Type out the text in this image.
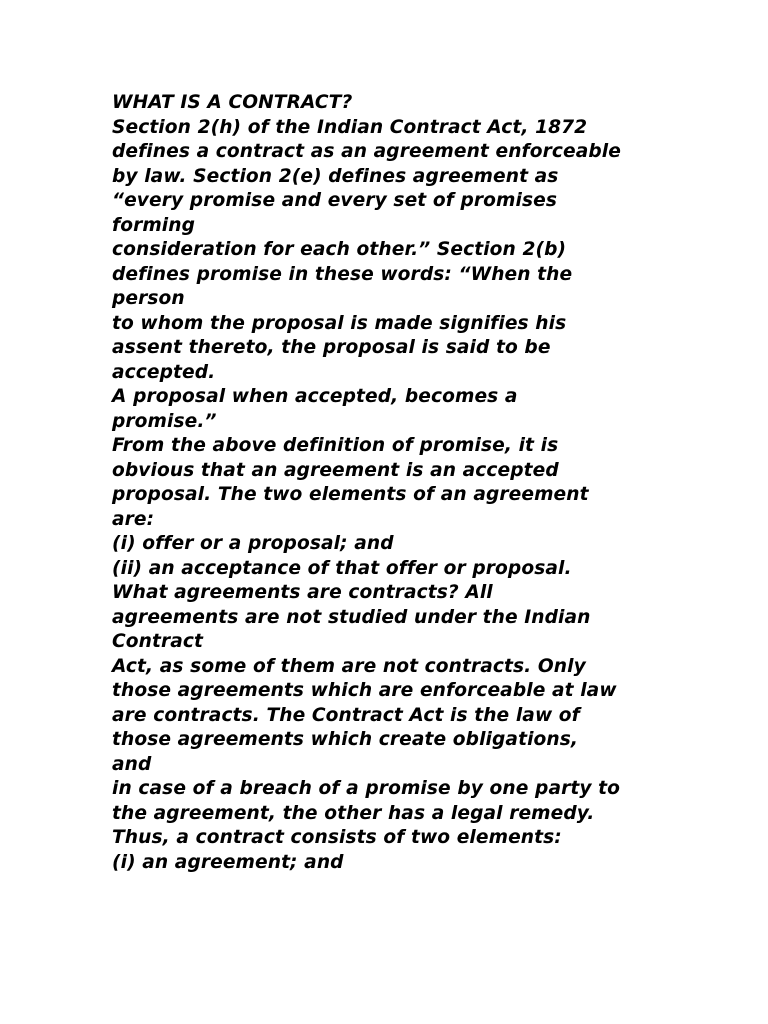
WHAT IS A CONTRACT?
Section 2(h) of the Indian Contract Act, 1872
defines a contract as an agreement enforceable
by law. Section 2(e) defines agreement as
“every promise and every set of promises
forming
consideration for each other.” Section 2(b)
defines promise in these words: “When the
person
to whom the proposal is made signifies his
assent thereto, the proposal is said to be
accepted.
A proposal when accepted, becomes a
promise.”
From the above definition of promise, it is
obvious that an agreement is an accepted
proposal. The two elements of an agreement
are:
(i) offer or a proposal; and
(ii) an acceptance of that offer or proposal.
What agreements are contracts? All
agreements are not studied under the Indian
Contract
Act, as some of them are not contracts. Only
those agreements which are enforceable at law
are contracts. The Contract Act is the law of
those agreements which create obligations,
and
in case of a breach of a promise by one party to
the agreement, the other has a legal remedy.
Thus, a contract consists of two elements:
(i) an agreement; and
